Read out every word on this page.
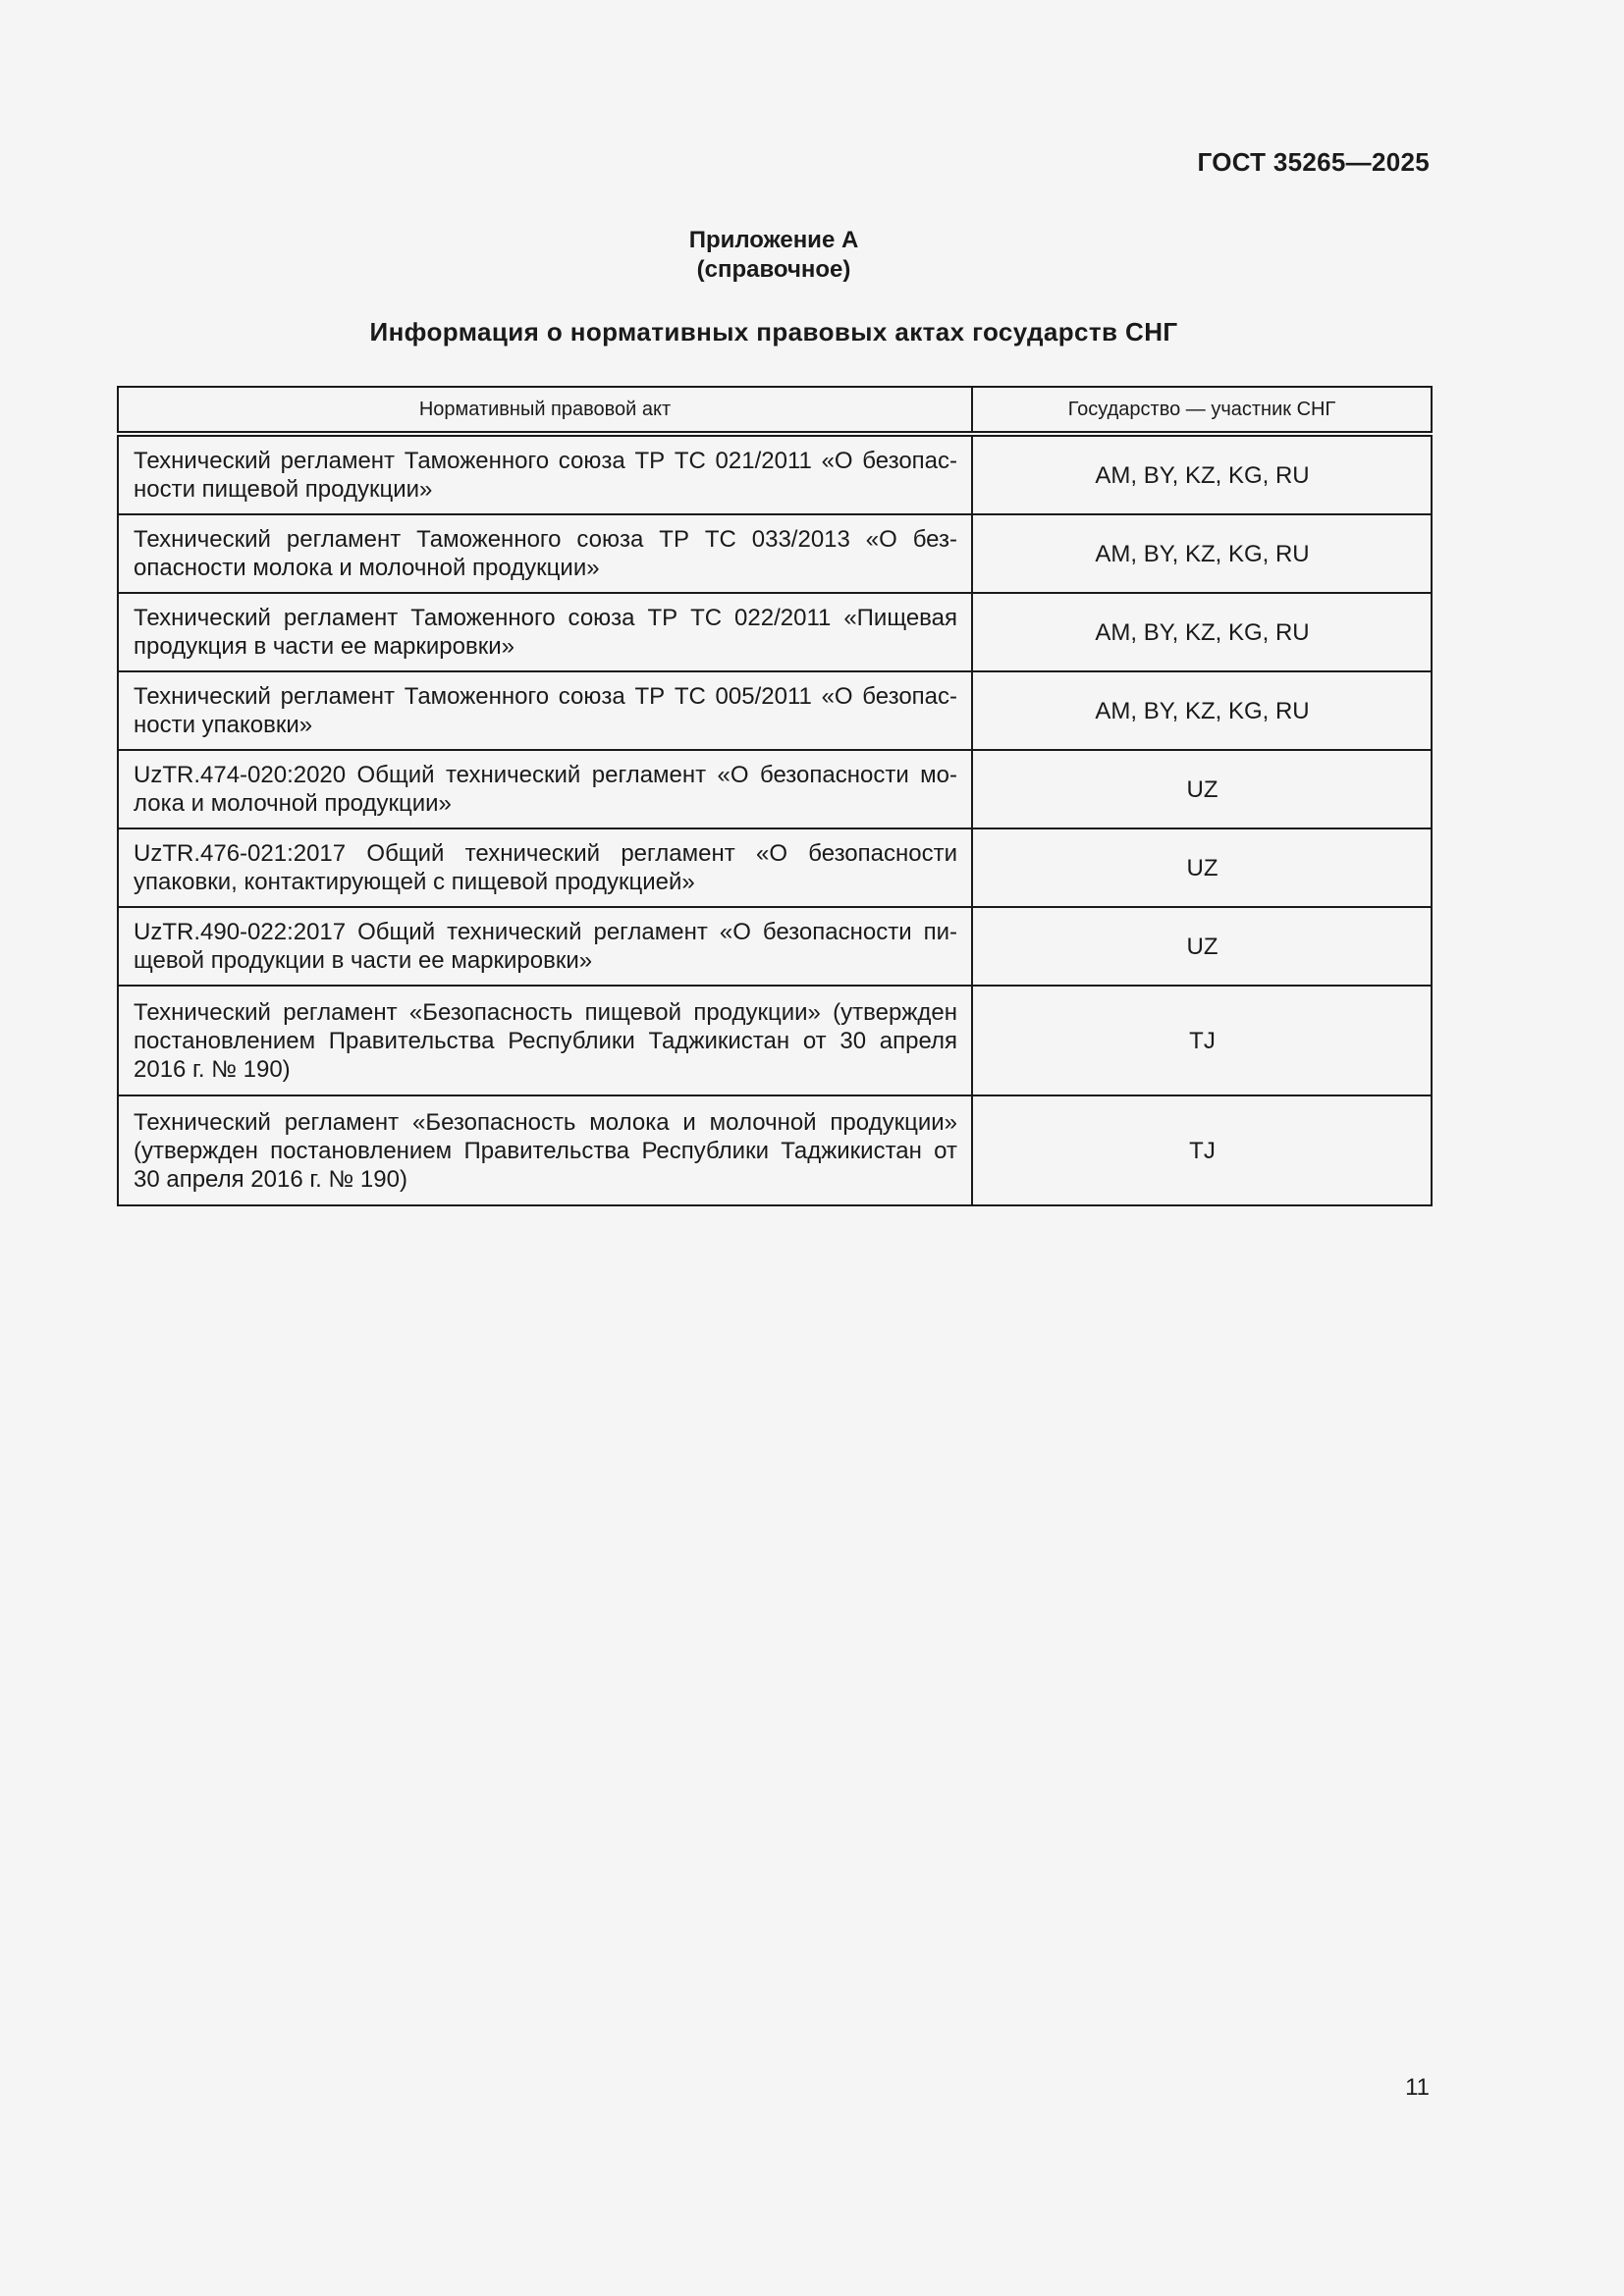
ГОСТ 35265—2025
Приложение А
(справочное)
Информация о нормативных правовых актах государств СНГ
Нормативный правовой акт	Государство — участник СНГ
Технический регламент Таможенного союза ТР ТС 021/2011 «О безопас-ности пищевой продукции»	AM, BY, KZ, KG, RU
Технический регламент Таможенного союза ТР ТС 033/2013 «О без-опасности молока и молочной продукции»	AM, BY, KZ, KG, RU
Технический регламент Таможенного союза ТР ТС 022/2011 «Пищевая продукция в части ее маркировки»	AM, BY, KZ, KG, RU
Технический регламент Таможенного союза ТР ТС 005/2011 «О безопас-ности упаковки»	AM, BY, KZ, KG, RU
UzTR.474-020:2020 Общий технический регламент «О безопасности мо-лока и молочной продукции»	UZ
UzTR.476-021:2017 Общий технический регламент «О безопасности упаковки, контактирующей с пищевой продукцией»	UZ
UzTR.490-022:2017 Общий технический регламент «О безопасности пи-щевой продукции в части ее маркировки»	UZ
Технический регламент «Безопасность пищевой продукции» (утвержден постановлением Правительства Республики Таджикистан от 30 апреля 2016 г. № 190)	TJ
Технический регламент «Безопасность молока и молочной продукции» (утвержден постановлением Правительства Республики Таджикистан от 30 апреля 2016 г. № 190)	TJ
11
